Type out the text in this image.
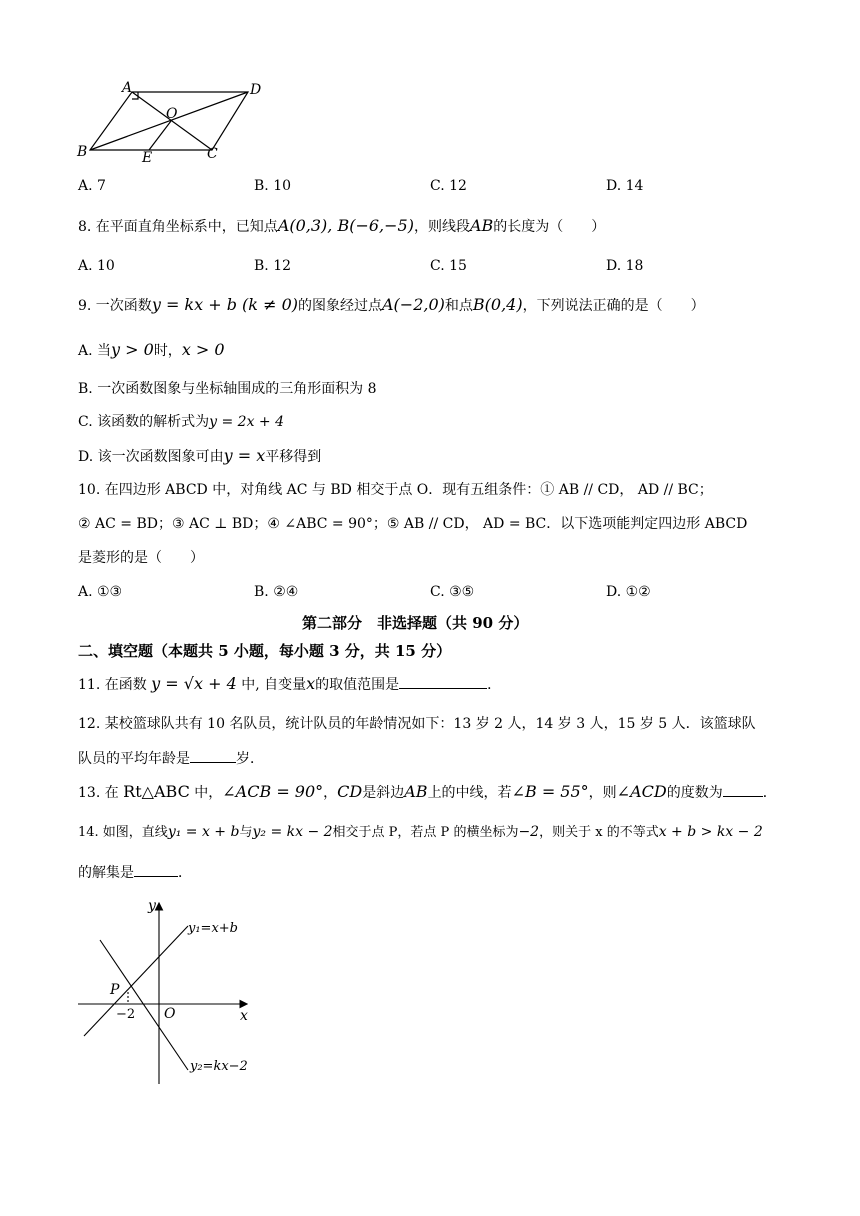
A	D
O
B	E	C
A. 7	B. 10	C. 12	D. 14
8. 在平面直角坐标系中，已知点A(0,3), B(−6,−5)，则线段AB的长度为（　　）
A. 10	B. 12	C. 15	D. 18
9. 一次函数y = kx + b (k ≠ 0)的图象经过点A(−2,0)和点B(0,4)，下列说法正确的是（　　）
A. 当y > 0时，x > 0
B. 一次函数图象与坐标轴围成的三角形面积为 8
C. 该函数的解析式为y = 2x + 4
D. 该一次函数图象可由y = x平移得到
10. 在四边形 ABCD 中，对角线 AC 与 BD 相交于点 O．现有五组条件：① AB // CD， AD // BC；
② AC = BD；③ AC ⊥ BD；④ ∠ABC = 90°；⑤ AB // CD， AD = BC．以下选项能判定四边形 ABCD
是菱形的是（　　）
A. ①③	B. ②④	C. ③⑤	D. ①②
第二部分　非选择题（共 90 分）
二、填空题（本题共 5 小题，每小题 3 分，共 15 分）
11. 在函数 y = √x + 4 中, 自变量x的取值范围是	．
12. 某校篮球队共有 10 名队员，统计队员的年龄情况如下：13 岁 2 人，14 岁 3 人，15 岁 5 人．该篮球队
队员的平均年龄是	岁．
13. 在 Rt△ABC 中，∠ACB = 90°，CD是斜边AB上的中线，若∠B = 55°，则∠ACD的度数为	．
14. 如图，直线y₁ = x + b与y₂ = kx − 2相交于点 P，若点 P 的横坐标为−2，则关于 x 的不等式x + b > kx − 2
的解集是	．
y
x
O
P
−2
y₁=x+b
y₂=kx−2
